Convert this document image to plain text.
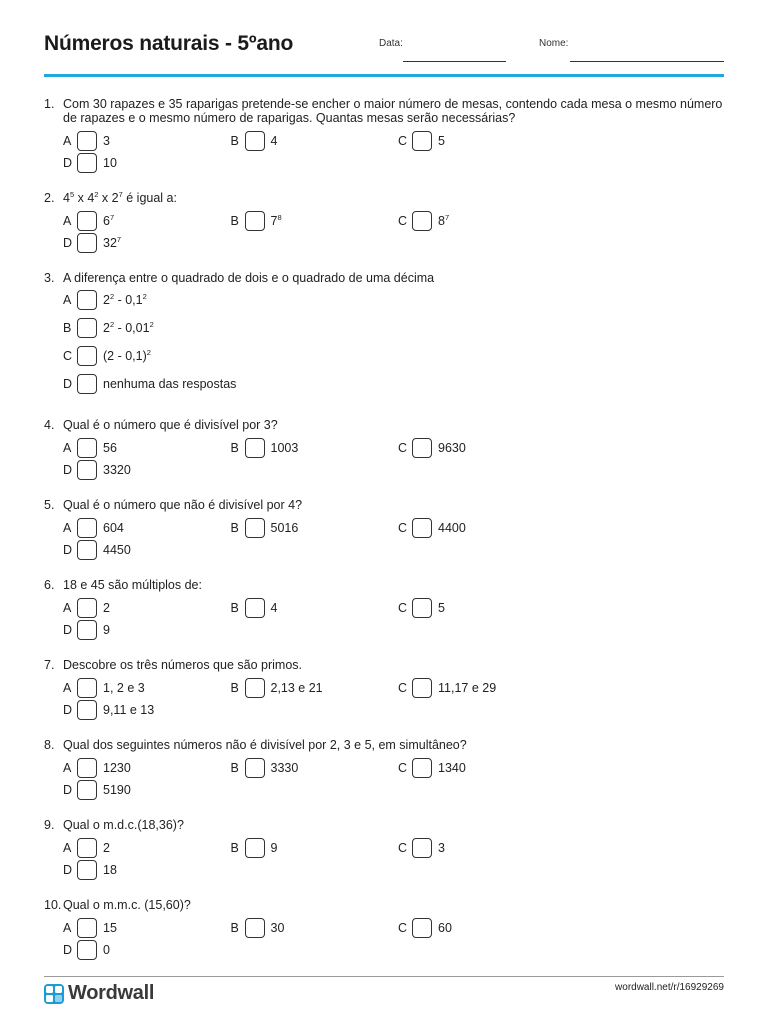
Números naturais - 5ºano	Data:	Nome:
1. Com 30 rapazes e 35 raparigas pretende-se encher o maior número de mesas, contendo cada mesa o mesmo número de rapazes e o mesmo número de raparigas. Quantas mesas serão necessárias?
A	3	B	4	C	5
D	10
2. $4^5$ x $4^2$ x $2^7$ é igual a:
A	$6^7$	B	$7^8$	C	$8^7$
D	$32^7$
3. A diferença entre o quadrado de dois e o quadrado de uma décima
A	$2^2 - 0,1^2$
B	$2^2 - 0,01^2$
C	(2 - 0,1)$^2$
D	nenhuma das respostas
4. Qual é o número que é divisível por 3?
A	56	B	1003	C	9630
D	3320
5. Qual é o número que não é divisível por 4?
A	604	B	5016	C	4400
D	4450
6. 18 e 45 são múltiplos de:
A	2	B	4	C	5
D	9
7. Descobre os três números que são primos.
A	1, 2 e 3	B	2,13 e 21	C	11,17 e 29
D	9,11 e 13
8. Qual dos seguintes números não é divisível por 2, 3 e 5, em simultâneo?
A	1230	B	3330	C	1340
D	5190
9. Qual o m.d.c.(18,36)?
A	2	B	9	C	3
D	18
10. Qual o m.m.c. (15,60)?
A	15	B	30	C	60
D	0
Wordwall	wordwall.net/r/16929269
